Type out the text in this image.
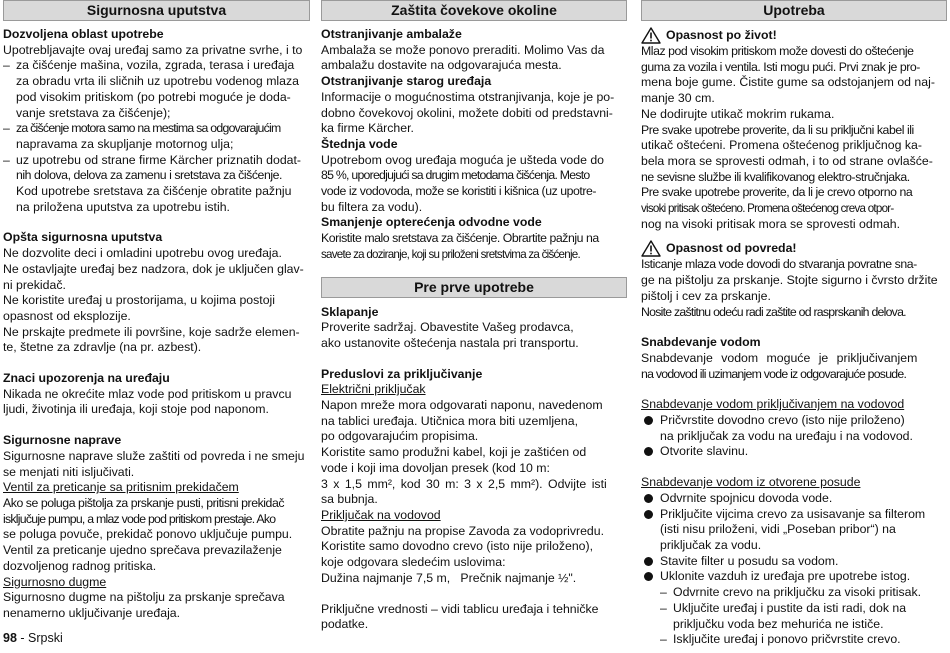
Sigurnosna uputstva
Dozvoljena oblast upotrebe
Upotrebljavajte ovaj uređaj samo za privatne svrhe, i to
– za čišćenje mašina, vozila, zgrada, terasa i uređaja
za obradu vrta ili sličnih uz upotrebu vodenog mlaza
pod visokim pritiskom (po potrebi moguće je doda-
vanje sretstava za čišćenje);
– za čišćenje motora samo na mestima sa odgovarajućim
napravama za skupljanje motornog ulja;
– uz upotrebu od strane firme Kärcher priznatih dodat-
nih dolova, delova za zamenu i sretstava za čišćenje.
Kod upotrebe sretstava za čišćenje obratite pažnju
na priložena uputstva za upotrebu istih.
Opšta sigurnosna uputstva
Ne dozvolite deci i omladini upotrebu ovog uređaja.
Ne ostavljajte uređaj bez nadzora, dok je uključen glav-
ni prekidač.
Ne koristite uređaj u prostorijama, u kojima postoji
opasnost od eksplozije.
Ne prskajte predmete ili površine, koje sadrže elemen-
te, štetne za zdravlje (na pr. azbest).
Znaci upozorenja na uređaju
Nikada ne okrećite mlaz vode pod pritiskom u pravcu
ljudi, životinja ili uređaja, koji stoje pod naponom.
Sigurnosne naprave
Sigurnosne naprave služe zaštiti od povreda i ne smeju
se menjati niti isljučivati.
Ventil za preticanje sa pritisnim prekidačem
Ako se poluga pištolja za prskanje pusti, pritisni prekidač
isključuje pumpu, a mlaz vode pod pritiskom prestaje. Ako
se poluga povuče, prekidač ponovo uključuje pumpu.
Ventil za preticanje ujedno sprečava prevazilaženje
dozvoljenog radnog pritiska.
Sigurnosno dugme
Sigurnosno dugme na pištolju za prskanje sprečava
nenamerno uključivanje uređaja.
Zaštita čovekove okoline
Otstranjivanje ambalaže
Ambalaža se može ponovo preraditi. Molimo Vas da
ambalažu dostavite na odgovarajuća mesta.
Otstranjivanje starog uređaja
Informacije o mogućnostima otstranjivanja, koje je po-
dobno čovekovoj okolini, možete dobiti od predstavni-
ka firme Kärcher.
Štednja vode
Upotrebom ovog uređaja moguća je ušteda vode do
85 %, uporedjujući sa drugim metodama čišćenja. Mesto
vode iz vodovoda, može se koristiti i kišnica (uz upotre-
bu filtera za vodu).
Smanjenje opterećenja odvodne vode
Koristite malo sretstava za čišćenje. Obrartite pažnju na
savete za doziranje, koji su priloženi sretstvima za čišćenje.
Pre prve upotrebe
Sklapanje
Proverite sadržaj. Obavestite Vašeg prodavca,
ako ustanovite oštećenja nastala pri transportu.
Preduslovi za priključivanje
Električni priključak
Napon mreže mora odgovarati naponu, navedenom
na tablici uređaja. Utičnica mora biti uzemljena,
po odgovarajućim propisima.
Koristite samo produžni kabel, koji je zaštićen od
vode i koji ima dovoljan presek (kod 10 m:
3 x 1,5 mm², kod 30 m: 3 x 2,5 mm²). Odvijte isti
sa bubnja.
Priključak na vodovod
Obratite pažnju na propise Zavoda za vodoprivredu.
Koristite samo dovodno crevo (isto nije priloženo),
koje odgovara sledećim uslovima:
Dužina najmanje 7,5 m,   Prečnik najmanje ½".
Priključne vrednosti – vidi tablicu uređaja i tehničke
podatke.
Upotreba
Opasnost po život!
Mlaz pod visokim pritiskom može dovesti do oštećenje
guma za vozila i ventila. Isti mogu pući. Prvi znak je pro-
mena boje gume. Čistite gume sa odstojanjem od naj-
manje 30 cm.
Ne dodirujte utikač mokrim rukama.
Pre svake upotrebe proverite, da li su priključni kabel ili
utikač oštećeni. Promena oštećenog priključnog ka-
bela mora se sprovesti odmah, i to od strane ovlašće-
ne sevisne službe ili kvalifikovanog elektro-stručnjaka.
Pre svake upotrebe proverite, da li je crevo otporno na
visoki pritisak oštećeno. Promena oštećenog creva otpor-
nog na visoki pritisak mora se sprovesti odmah.
Opasnost od povreda!
Isticanje mlaza vode dovodi do stvaranja povratne sna-
ge na pištolju za prskanje. Stojte sigurno i čvrsto držite
pištolj i cev za prskanje.
Nosite zaštitnu odeću radi zaštite od rasprskanih delova.
Snabdevanje vodom
Snabdevanje vodom moguće je priključivanjem
na vodovod ili uzimanjem vode iz odgovarajuće posude.
Snabdevanje vodom priključivanjem na vodovod
Pričvrstite dovodno crevo (isto nije priloženo)
na priključak za vodu na uređaju i na vodovod.
Otvorite slavinu.
Snabdevanje vodom iz otvorene posude
Odvrnite spojnicu dovoda vode.
Priključite vijcima crevo za usisavanje sa filterom
(isti nisu priloženi, vidi „Poseban pribor“) na
priključak za vodu.
Stavite filter u posudu sa vodom.
Uklonite vazduh iz uređaja pre upotrebe istog.
– Odvrnite crevo na priključku za visoki pritisak.
– Uključite uređaj i pustite da isti radi, dok na
priključku voda bez mehurića ne ističe.
– Isključite uređaj i ponovo pričvrstite crevo.
98 - Srpski
